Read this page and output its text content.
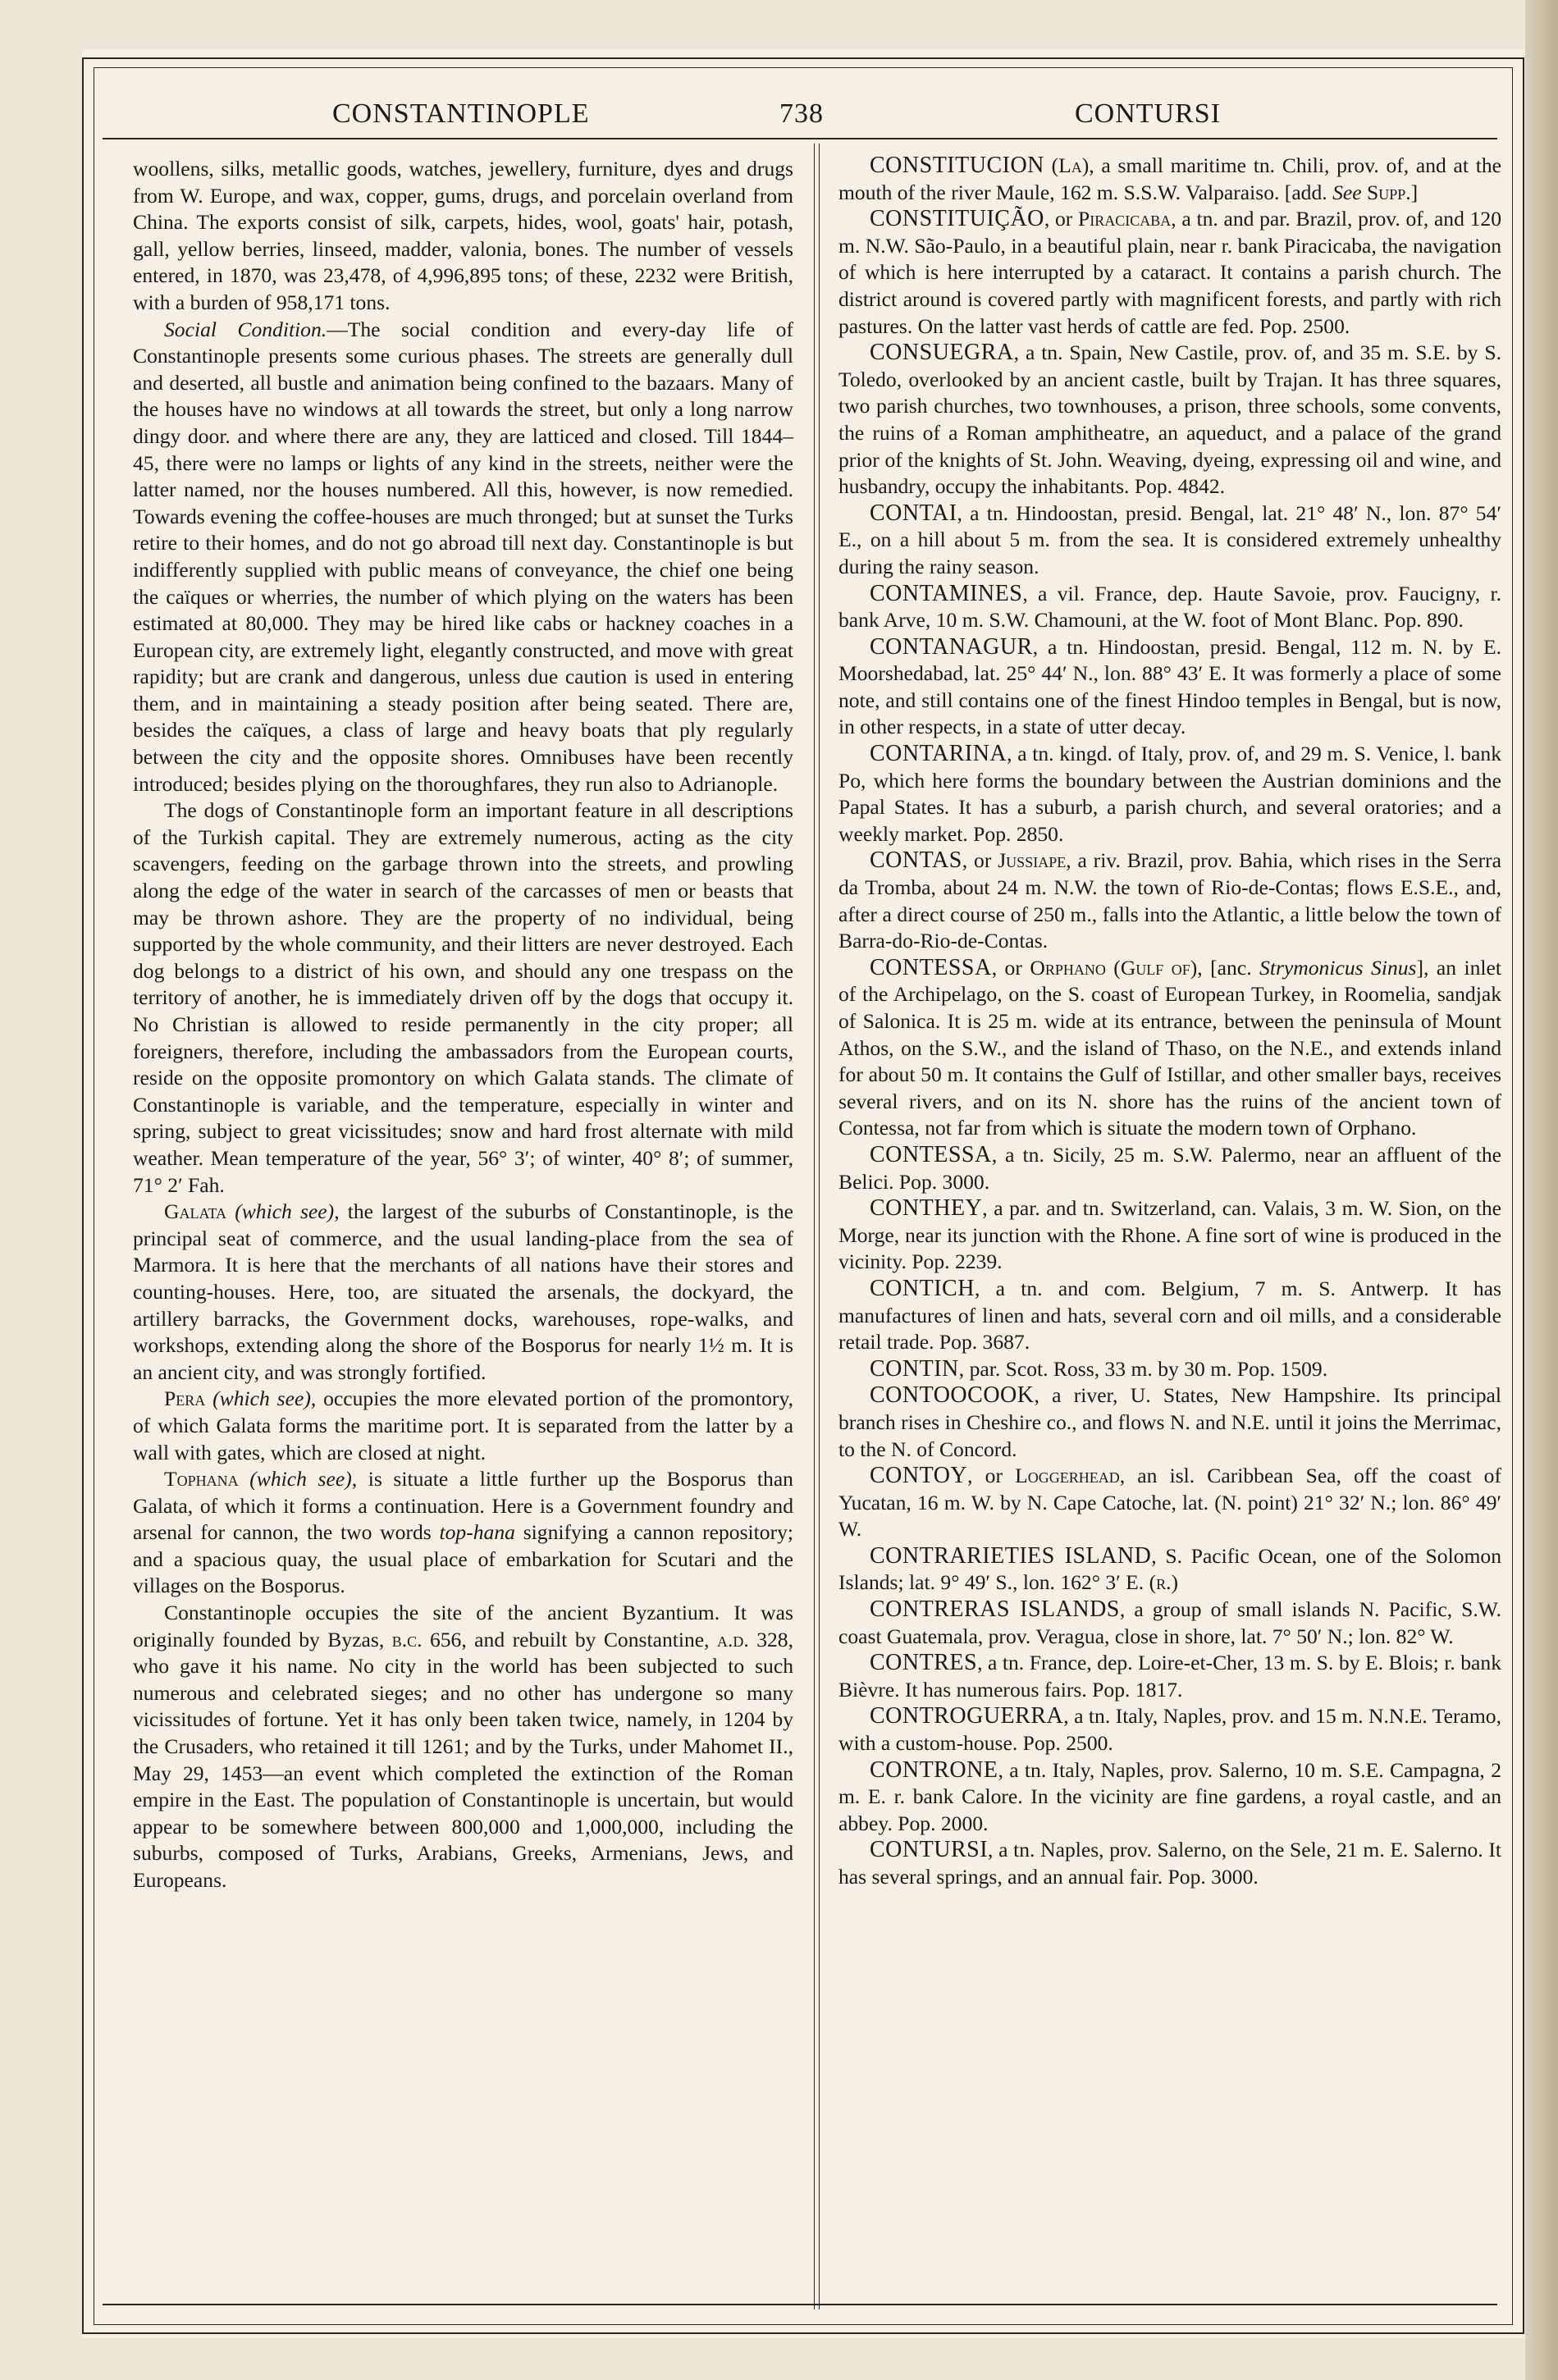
CONSTANTINOPLE	738	CONTURSI

woollens, silks, metallic goods, watches, jewellery, furniture, dyes and drugs from W. Europe, and wax, copper, gums, drugs, and porcelain overland from China. The exports consist of silk, carpets, hides, wool, goats' hair, potash, gall, yellow berries, linseed, madder, valonia, bones. The number of vessels entered, in 1870, was 23,478, of 4,996,895 tons; of these, 2232 were British, with a burden of 958,171 tons.

Social Condition.—The social condition and every-day life of Constantinople presents some curious phases. The streets are generally dull and deserted, all bustle and animation being confined to the bazaars. Many of the houses have no windows at all towards the street, but only a long narrow dingy door. and where there are any, they are latticed and closed. Till 1844–45, there were no lamps or lights of any kind in the streets, neither were the latter named, nor the houses numbered. All this, however, is now remedied. Towards evening the coffee-houses are much thronged; but at sunset the Turks retire to their homes, and do not go abroad till next day. Constantinople is but indifferently supplied with public means of conveyance, the chief one being the caïques or wherries, the number of which plying on the waters has been estimated at 80,000. They may be hired like cabs or hackney coaches in a European city, are extremely light, elegantly constructed, and move with great rapidity; but are crank and dangerous, unless due caution is used in entering them, and in maintaining a steady position after being seated. There are, besides the caïques, a class of large and heavy boats that ply regularly between the city and the opposite shores. Omnibuses have been recently introduced; besides plying on the thoroughfares, they run also to Adrianople.

The dogs of Constantinople form an important feature in all descriptions of the Turkish capital. They are extremely numerous, acting as the city scavengers, feeding on the garbage thrown into the streets, and prowling along the edge of the water in search of the carcasses of men or beasts that may be thrown ashore. They are the property of no individual, being supported by the whole community, and their litters are never destroyed. Each dog belongs to a district of his own, and should any one trespass on the territory of another, he is immediately driven off by the dogs that occupy it. No Christian is allowed to reside permanently in the city proper; all foreigners, therefore, including the ambassadors from the European courts, reside on the opposite promontory on which Galata stands. The climate of Constantinople is variable, and the temperature, especially in winter and spring, subject to great vicissitudes; snow and hard frost alternate with mild weather. Mean temperature of the year, 56° 3′; of winter, 40° 8′; of summer, 71° 2′ Fah.

Galata (which see), the largest of the suburbs of Constantinople, is the principal seat of commerce, and the usual landing-place from the sea of Marmora. It is here that the merchants of all nations have their stores and counting-houses. Here, too, are situated the arsenals, the dockyard, the artillery barracks, the Government docks, warehouses, rope-walks, and workshops, extending along the shore of the Bosporus for nearly 1½ m. It is an ancient city, and was strongly fortified.

Pera (which see), occupies the more elevated portion of the promontory, of which Galata forms the maritime port. It is separated from the latter by a wall with gates, which are closed at night.

Tophana (which see), is situate a little further up the Bosporus than Galata, of which it forms a continuation. Here is a Government foundry and arsenal for cannon, the two words top-hana signifying a cannon repository; and a spacious quay, the usual place of embarkation for Scutari and the villages on the Bosporus.

Constantinople occupies the site of the ancient Byzantium. It was originally founded by Byzas, b.c. 656, and rebuilt by Constantine, a.d. 328, who gave it his name. No city in the world has been subjected to such numerous and celebrated sieges; and no other has undergone so many vicissitudes of fortune. Yet it has only been taken twice, namely, in 1204 by the Crusaders, who retained it till 1261; and by the Turks, under Mahomet II., May 29, 1453—an event which completed the extinction of the Roman empire in the East. The population of Constantinople is uncertain, but would appear to be somewhere between 800,000 and 1,000,000, including the suburbs, composed of Turks, Arabians, Greeks, Armenians, Jews, and Europeans.

CONSTITUCION (La), a small maritime tn. Chili, prov. of, and at the mouth of the river Maule, 162 m. S.S.W. Valparaiso. [add. See Supp.]

CONSTITUIÇÃO, or Piracicaba, a tn. and par. Brazil, prov. of, and 120 m. N.W. São-Paulo, in a beautiful plain, near r. bank Piracicaba, the navigation of which is here interrupted by a cataract. It contains a parish church. The district around is covered partly with magnificent forests, and partly with rich pastures. On the latter vast herds of cattle are fed. Pop. 2500.

CONSUEGRA, a tn. Spain, New Castile, prov. of, and 35 m. S.E. by S. Toledo, overlooked by an ancient castle, built by Trajan. It has three squares, two parish churches, two townhouses, a prison, three schools, some convents, the ruins of a Roman amphitheatre, an aqueduct, and a palace of the grand prior of the knights of St. John. Weaving, dyeing, expressing oil and wine, and husbandry, occupy the inhabitants. Pop. 4842.

CONTAI, a tn. Hindoostan, presid. Bengal, lat. 21° 48′ N., lon. 87° 54′ E., on a hill about 5 m. from the sea. It is considered extremely unhealthy during the rainy season.

CONTAMINES, a vil. France, dep. Haute Savoie, prov. Faucigny, r. bank Arve, 10 m. S.W. Chamouni, at the W. foot of Mont Blanc. Pop. 890.

CONTANAGUR, a tn. Hindoostan, presid. Bengal, 112 m. N. by E. Moorshedabad, lat. 25° 44′ N., lon. 88° 43′ E. It was formerly a place of some note, and still contains one of the finest Hindoo temples in Bengal, but is now, in other respects, in a state of utter decay.

CONTARINA, a tn. kingd. of Italy, prov. of, and 29 m. S. Venice, l. bank Po, which here forms the boundary between the Austrian dominions and the Papal States. It has a suburb, a parish church, and several oratories; and a weekly market. Pop. 2850.

CONTAS, or Jussiape, a riv. Brazil, prov. Bahia, which rises in the Serra da Tromba, about 24 m. N.W. the town of Rio-de-Contas; flows E.S.E., and, after a direct course of 250 m., falls into the Atlantic, a little below the town of Barra-do-Rio-de-Contas.

CONTESSA, or Orphano (Gulf of), [anc. Strymonicus Sinus], an inlet of the Archipelago, on the S. coast of European Turkey, in Roomelia, sandjak of Salonica. It is 25 m. wide at its entrance, between the peninsula of Mount Athos, on the S.W., and the island of Thaso, on the N.E., and extends inland for about 50 m. It contains the Gulf of Istillar, and other smaller bays, receives several rivers, and on its N. shore has the ruins of the ancient town of Contessa, not far from which is situate the modern town of Orphano.

CONTESSA, a tn. Sicily, 25 m. S.W. Palermo, near an affluent of the Belici. Pop. 3000.

CONTHEY, a par. and tn. Switzerland, can. Valais, 3 m. W. Sion, on the Morge, near its junction with the Rhone. A fine sort of wine is produced in the vicinity. Pop. 2239.

CONTICH, a tn. and com. Belgium, 7 m. S. Antwerp. It has manufactures of linen and hats, several corn and oil mills, and a considerable retail trade. Pop. 3687.

CONTIN, par. Scot. Ross, 33 m. by 30 m. Pop. 1509.

CONTOOCOOK, a river, U. States, New Hampshire. Its principal branch rises in Cheshire co., and flows N. and N.E. until it joins the Merrimac, to the N. of Concord.

CONTOY, or Loggerhead, an isl. Caribbean Sea, off the coast of Yucatan, 16 m. W. by N. Cape Catoche, lat. (N. point) 21° 32′ N.; lon. 86° 49′ W.

CONTRARIETIES ISLAND, S. Pacific Ocean, one of the Solomon Islands; lat. 9° 49′ S., lon. 162° 3′ E. (r.)

CONTRERAS ISLANDS, a group of small islands N. Pacific, S.W. coast Guatemala, prov. Veragua, close in shore, lat. 7° 50′ N.; lon. 82° W.

CONTRES, a tn. France, dep. Loire-et-Cher, 13 m. S. by E. Blois; r. bank Bièvre. It has numerous fairs. Pop. 1817.

CONTROGUERRA, a tn. Italy, Naples, prov. and 15 m. N.N.E. Teramo, with a custom-house. Pop. 2500.

CONTRONE, a tn. Italy, Naples, prov. Salerno, 10 m. S.E. Campagna, 2 m. E. r. bank Calore. In the vicinity are fine gardens, a royal castle, and an abbey. Pop. 2000.

CONTURSI, a tn. Naples, prov. Salerno, on the Sele, 21 m. E. Salerno. It has several springs, and an annual fair. Pop. 3000.
